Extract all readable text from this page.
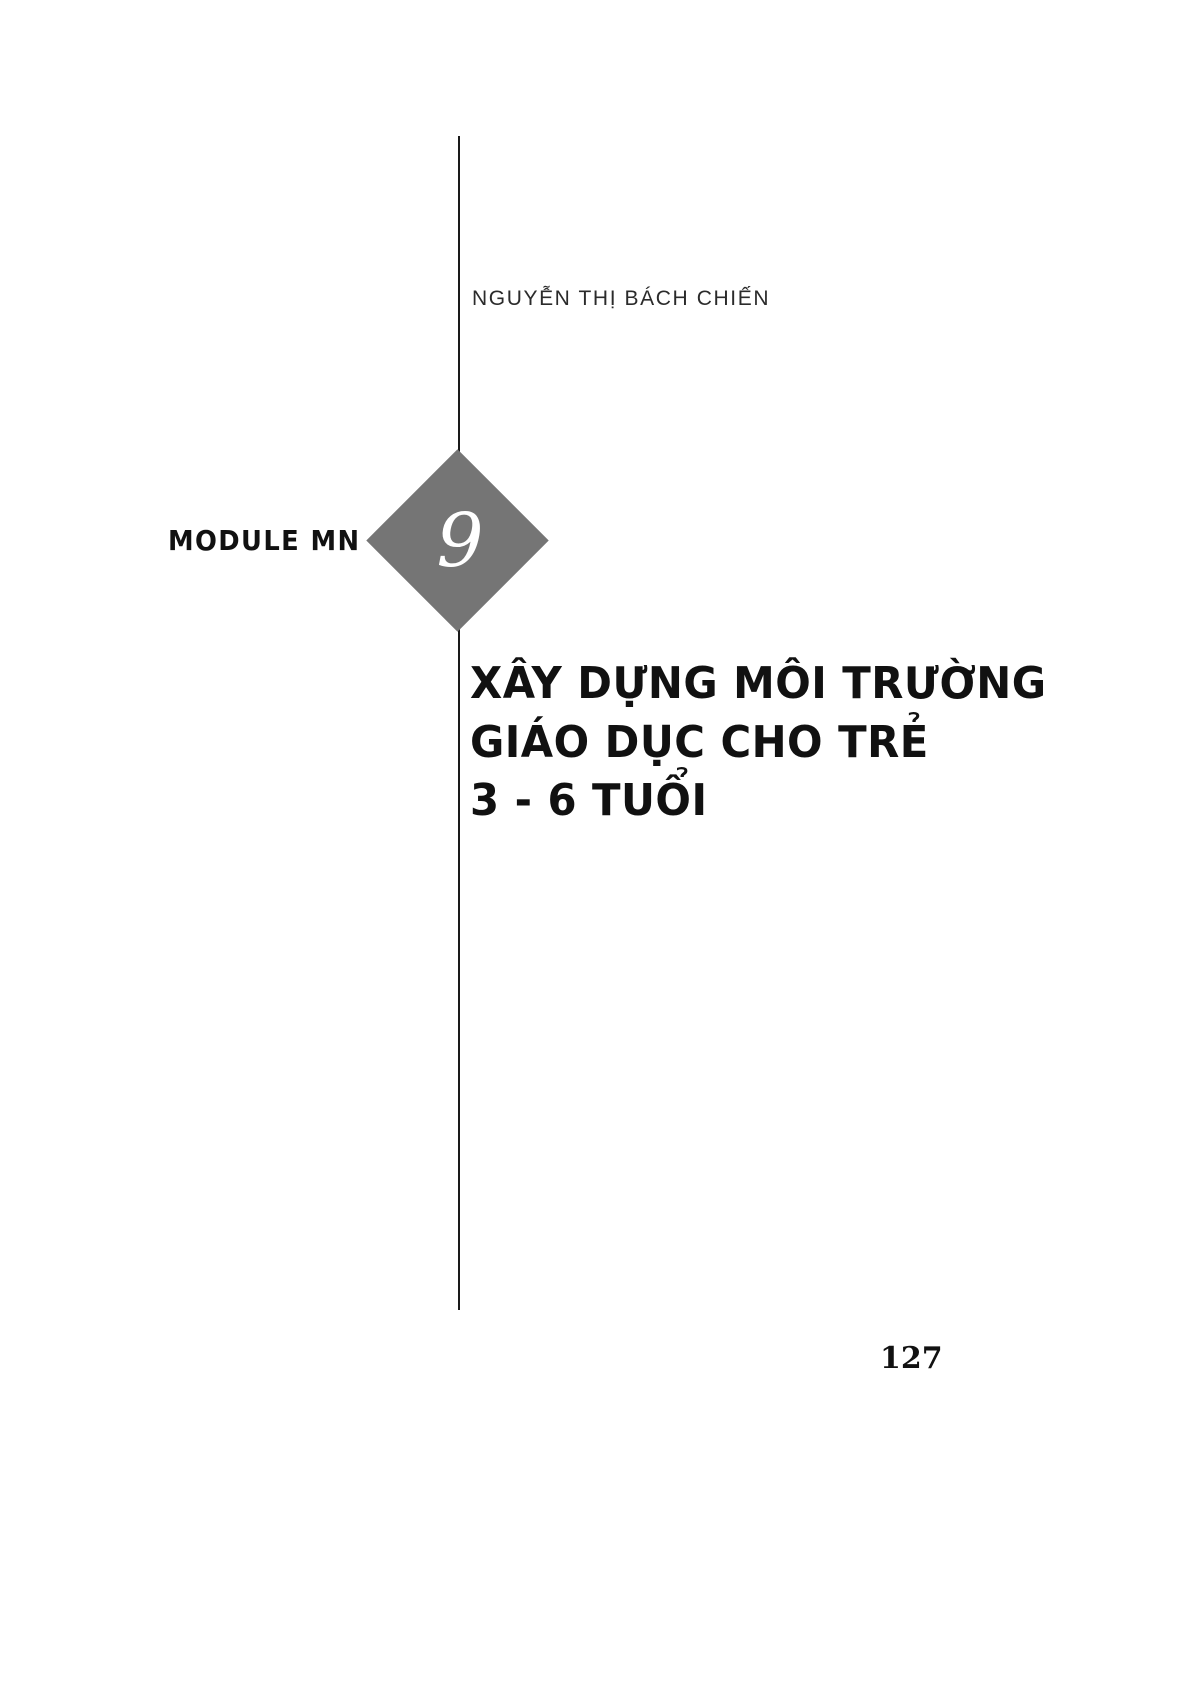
NGUYỄN THỊ BÁCH CHIẾN
MODULE MN	9
XÂY DỰNG MÔI TRƯỜNG
GIÁO DỤC CHO TRẺ
3 - 6 TUỔI
127
